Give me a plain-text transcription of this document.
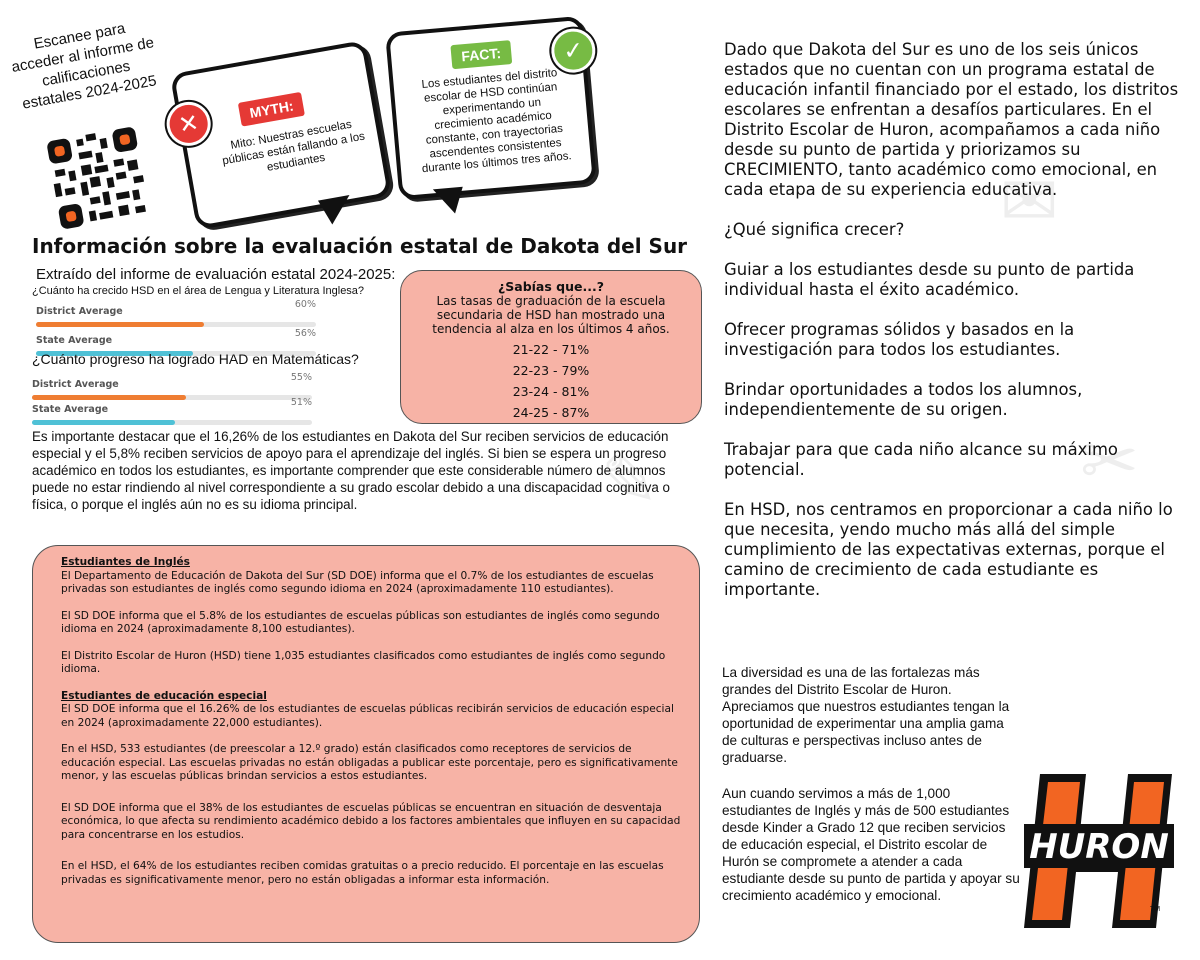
✎
✉
✂
Escanee para acceder al informe de calificaciones estatales 2024-2025
✕	MYTH:
Mito: Nuestras escuelas públicas están fallando a los estudiantes
✓
FACT:
Los estudiantes del distrito escolar de HSD continúan experimentando un crecimiento académico constante, con trayectorias ascendentes consistentes durante los últimos tres años.
Información sobre la evaluación estatal de Dakota del Sur
Extraído del informe de evaluación estatal 2024-2025:
¿Cuánto ha crecido HSD en el área de Lengua y Literatura Inglesa?
District Average
60%
State Average
56%
¿Cuánto progreso ha logrado HAD en Matemáticas?
District Average
55%
State Average
51%
¿Sabías que...?
Las tasas de graduación de la escuela secundaria de HSD han mostrado una tendencia al alza en los últimos 4 años.
21-22 - 71%
22-23 - 79%
23-24 - 81%
24-25 - 87%
Es importante destacar que el 16,26% de los estudiantes en Dakota del Sur reciben servicios de educación especial y el 5,8% reciben servicios de apoyo para el aprendizaje del inglés. Si bien se espera un progreso académico en todos los estudiantes, es importante comprender que este considerable número de alumnos puede no estar rindiendo al nivel correspondiente a su grado escolar debido a una discapacidad cognitiva o física, o porque el inglés aún no es su idioma principal.
Estudiantes de Inglés

El Departamento de Educación de Dakota del Sur (SD DOE) informa que el 0.7% de los estudiantes de escuelas privadas son estudiantes de inglés como segundo idioma en 2024 (aproximadamente 110 estudiantes).

El SD DOE informa que el 5.8% de los estudiantes de escuelas públicas son estudiantes de inglés como segundo idioma en 2024 (aproximadamente 8,100 estudiantes).

El Distrito Escolar de Huron (HSD) tiene 1,035 estudiantes clasificados como estudiantes de inglés como segundo idioma.

Estudiantes de educación especial

El SD DOE informa que el 16.26% de los estudiantes de escuelas públicas recibirán servicios de educación especial en 2024 (aproximadamente 22,000 estudiantes).

En el HSD, 533 estudiantes (de preescolar a 12.º grado) están clasificados como receptores de servicios de educación especial. Las escuelas privadas no están obligadas a publicar este porcentaje, pero es significativamente menor, y las escuelas públicas brindan servicios a estos estudiantes.

El SD DOE informa que el 38% de los estudiantes de escuelas públicas se encuentran en situación de desventaja económica, lo que afecta su rendimiento académico debido a los factores ambientales que influyen en su capacidad para concentrarse en los estudios.

En el HSD, el 64% de los estudiantes reciben comidas gratuitas o a precio reducido. El porcentaje en las escuelas privadas es significativamente menor, pero no están obligadas a informar esta información.

Dado que Dakota del Sur es uno de los seis únicos estados que no cuentan con un programa estatal de educación infantil financiado por el estado, los distritos escolares se enfrentan a desafíos particulares. En el Distrito Escolar de Huron, acompañamos a cada niño desde su punto de partida y priorizamos su CRECIMIENTO, tanto académico como emocional, en cada etapa de su experiencia educativa.

¿Qué significa crecer?

Guiar a los estudiantes desde su punto de partida individual hasta el éxito académico.

Ofrecer programas sólidos y basados en la investigación para todos los estudiantes.

Brindar oportunidades a todos los alumnos, independientemente de su origen.

Trabajar para que cada niño alcance su máximo potencial.

En HSD, nos centramos en proporcionar a cada niño lo que necesita, yendo mucho más allá del simple cumplimiento de las expectativas externas, porque el camino de crecimiento de cada estudiante es importante.

La diversidad es una de las fortalezas más grandes del Distrito Escolar de Huron. Apreciamos que nuestros estudiantes tengan la oportunidad de experimentar una amplia gama de culturas e perspectivas incluso antes de graduarse.

Aun cuando servimos a más de 1,000 estudiantes de Inglés y más de 500 estudiantes desde Kinder a Grado 12 que reciben servicios de educación especial, el Distrito escolar de Hurón se compromete a atender a cada estudiante desde su punto de partida y apoyar su crecimiento académico y emocional.

HURON
TM
